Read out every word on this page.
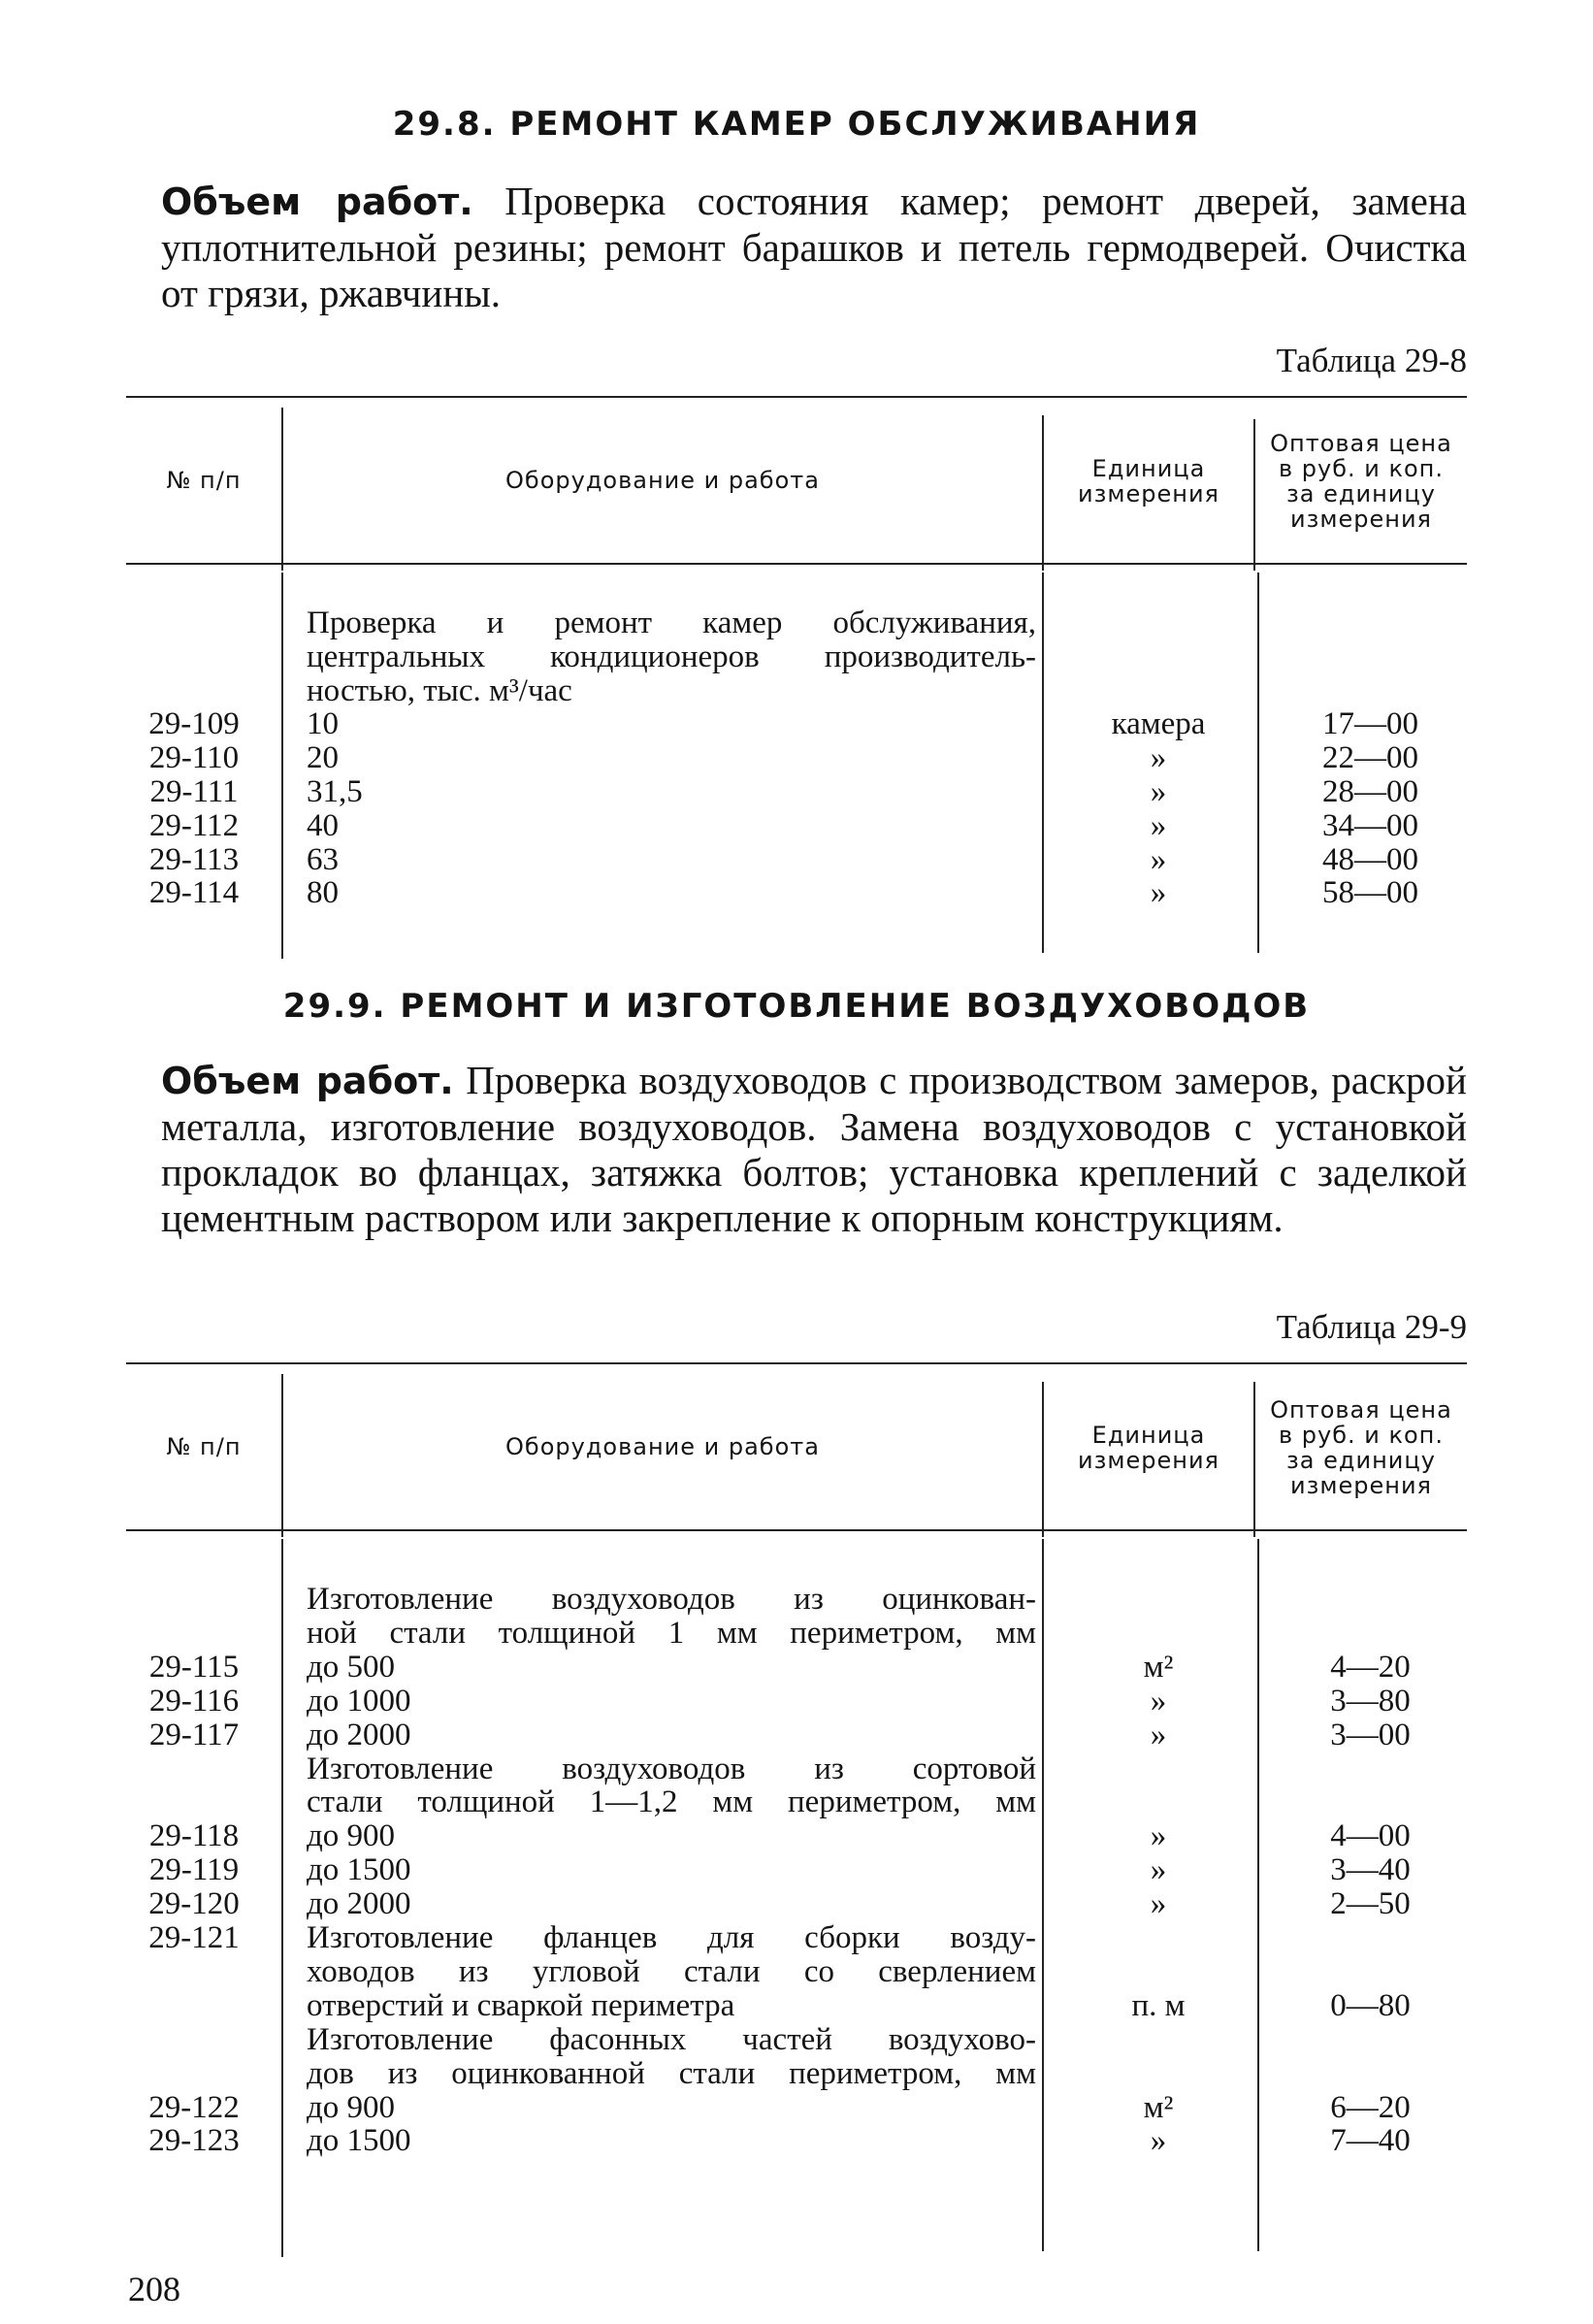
29.8. РЕМОНТ КАМЕР ОБСЛУЖИВАНИЯ

Объем работ. Проверка состояния камер; ремонт дверей, замена уплотнительной резины; ремонт барашков и петель гермодверей. Очистка от грязи, ржавчины.

Таблица 29-8
№ п/п	Оборудование и работа	Единица
измерения
Оптовая цена
в руб. и коп.
за единицу
измерения
Проверка и ремонт камер обслуживания,
центральных кондиционеров производитель-
ностью, тыс. м³/час
29-109	10	камера	17—00
29-110	20	»	22—00
29-111	31,5	»	28—00
29-112	40	»	34—00
29-113	63	»	48—00
29-114	80	»	58—00
29.9. РЕМОНТ И ИЗГОТОВЛЕНИЕ ВОЗДУХОВОДОВ

Объем работ. Проверка воздуховодов с производством замеров, раскрой металла, изготовление воздуховодов. Замена воздуховодов с установкой прокладок во фланцах, затяжка болтов; установка креплений с заделкой цементным раствором или закрепление к опорным конструкциям.

Таблица 29-9
№ п/п	Оборудование и работа	Единица
измерения
Оптовая цена
в руб. и коп.
за единицу
измерения
Изготовление воздуховодов из оцинкован-
ной стали толщиной 1 мм периметром, мм
29-115	до 500	м²	4—20
29-116	до 1000	»	3—80
29-117	до 2000	»	3—00
Изготовление воздуховодов из сортовой
стали толщиной 1—1,2 мм периметром, мм
29-118	до 900	»	4—00
29-119	до 1500	»	3—40
29-120	до 2000	»	2—50
29-121	Изготовление фланцев для сборки возду-
ховодов из угловой стали со сверлением
отверстий и сваркой периметра	п. м	0—80
Изготовление фасонных частей воздухово-
дов из оцинкованной стали периметром, мм
29-122	до 900	м²	6—20
29-123	до 1500	»	7—40
208
